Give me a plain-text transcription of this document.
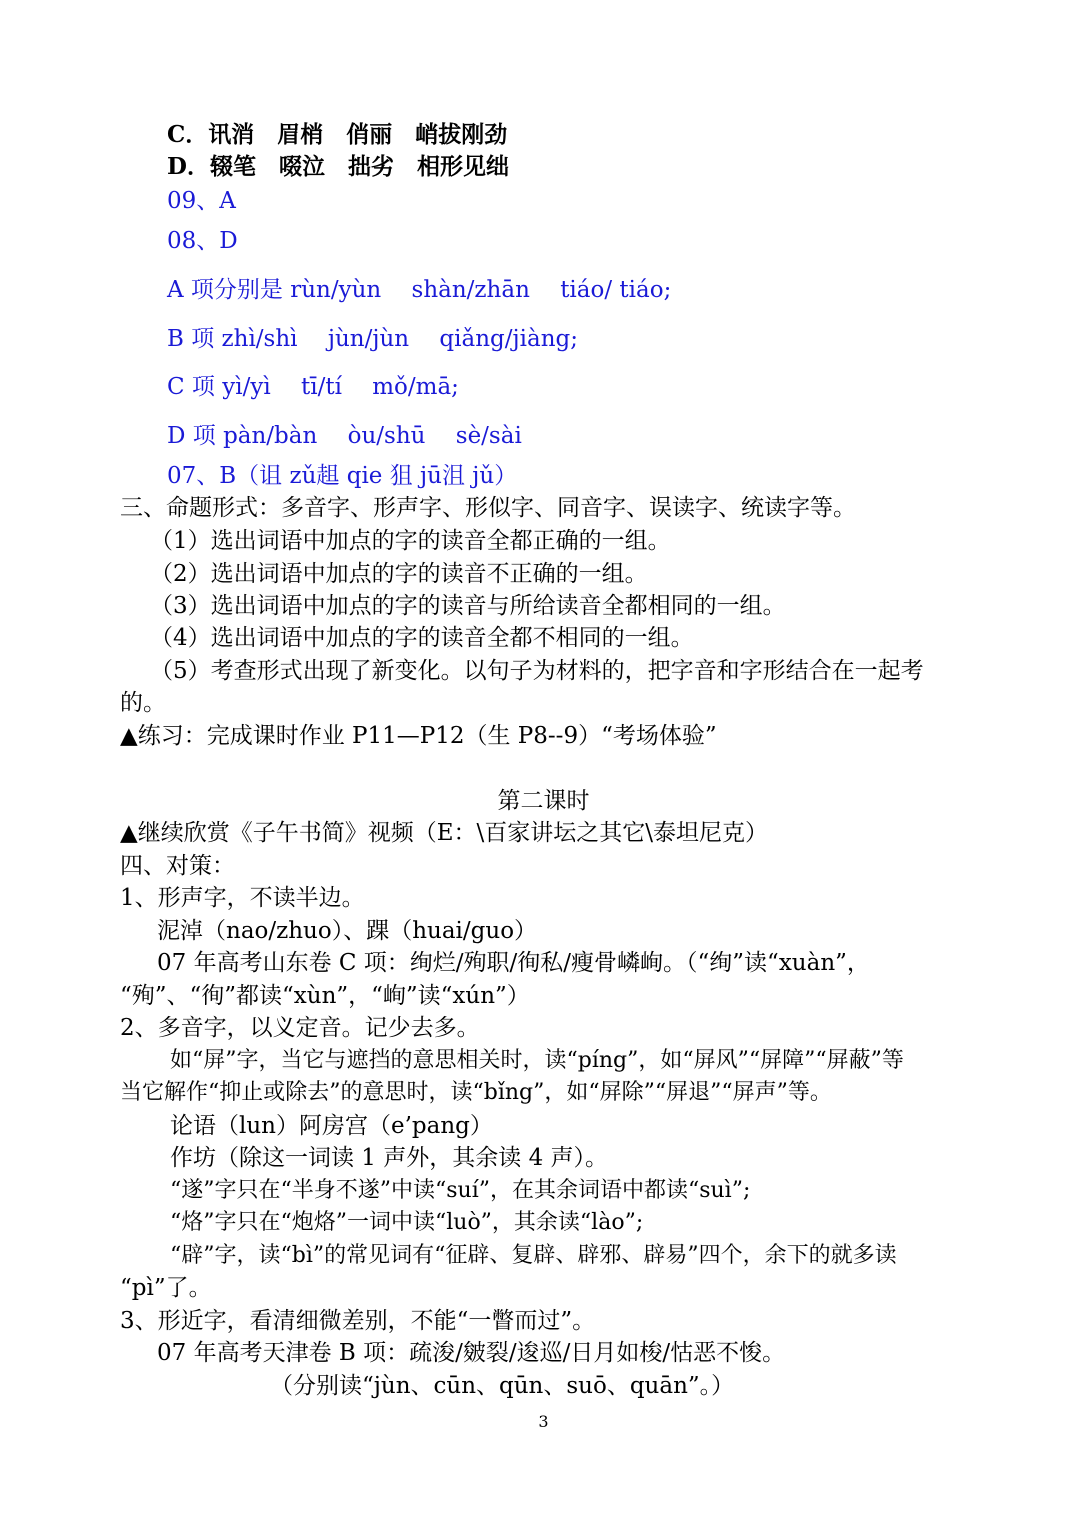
C．讯消　眉梢　俏丽　峭拔刚劲
D．辍笔　啜泣　拙劣　相形见绌
09、A
08、D
A 项分别是 rùn/yùn　 shàn/zhān　 tiáo/ tiáo;
B 项 zhì/shì　 jùn/jùn　 qiǎng/jiàng;
C 项 yì/yì　 tī/tí　 mǒ/mā;
D 项 pàn/bàn　 òu/shū　 sè/sài
07、B（诅 zǔ趄 qie 狙 jū沮 jǔ）
三、命题形式：多音字、形声字、形似字、同音字、误读字、统读字等。
（1）选出词语中加点的字的读音全都正确的一组。
（2）选出词语中加点的字的读音不正确的一组。
（3）选出词语中加点的字的读音与所给读音全都相同的一组。
（4）选出词语中加点的字的读音全都不相同的一组。
（5）考查形式出现了新变化。以句子为材料的，把字音和字形结合在一起考
的。
▲练习：完成课时作业 P11—P12（生 P8--9）“考场体验”
第二课时
▲继续欣赏《子午书简》视频（E：\百家讲坛之其它\泰坦尼克）
四、对策：
1、形声字，不读半边。
泥淖（nao/zhuo）、踝（huai/guo）
07 年高考山东卷 C 项：绚烂/殉职/徇私/瘦骨嶙峋。（“绚”读“xuàn”，
“殉”、“徇”都读“xùn”，“峋”读“xún”）
2、多音字，以义定音。记少去多。
如“屏”字，当它与遮挡的意思相关时，读“píng”，如“屏风”“屏障”“屏蔽”等
当它解作“抑止或除去”的意思时，读“bǐng”，如“屏除”“屏退”“屏声”等。
论语（lun）阿房宫（e’pang）
作坊（除这一词读 1 声外，其余读 4 声）。
“遂”字只在“半身不遂”中读“suí”，在其余词语中都读“suì”;
“烙”字只在“炮烙”一词中读“luò”，其余读“lào”;
“辟”字，读“bì”的常见词有“征辟、复辟、辟邪、辟易”四个，余下的就多读
“pì”了。
3、形近字，看清细微差别，不能“一瞥而过”。
07 年高考天津卷 B 项：疏浚/皴裂/逡巡/日月如梭/怙恶不悛。
（分别读“jùn、cūn、qūn、suō、quān”。）
3
